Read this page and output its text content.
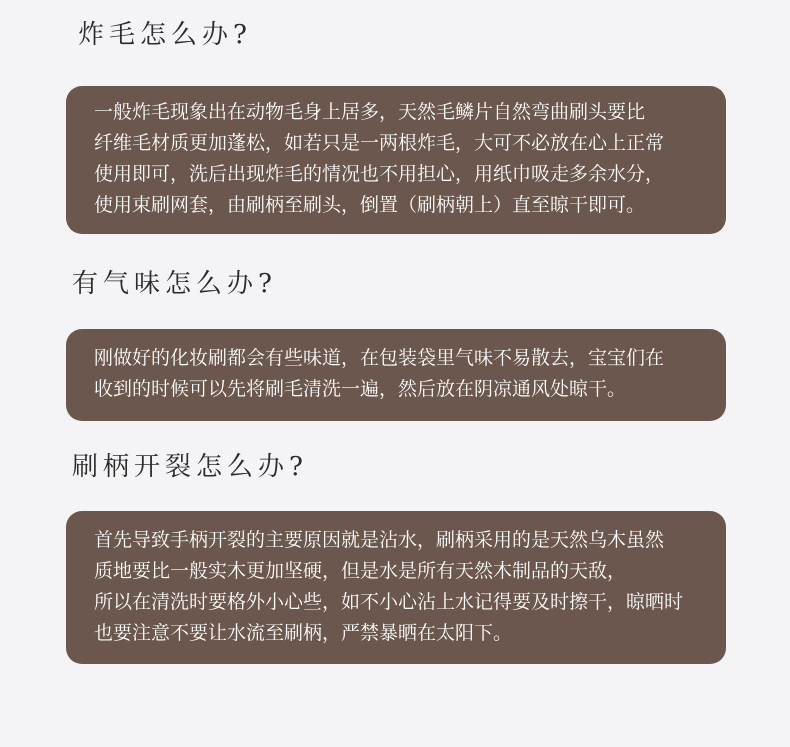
炸毛怎么办?
一般炸毛现象出在动物毛身上居多，天然毛鳞片自然弯曲刷头要比
纤维毛材质更加蓬松，如若只是一两根炸毛，大可不必放在心上正常
使用即可，洗后出现炸毛的情况也不用担心，用纸巾吸走多余水分，
使用束刷网套，由刷柄至刷头，倒置（刷柄朝上）直至晾干即可。
有气味怎么办?
刚做好的化妆刷都会有些味道，在包装袋里气味不易散去，宝宝们在
收到的时候可以先将刷毛清洗一遍，然后放在阴凉通风处晾干。
刷柄开裂怎么办?
首先导致手柄开裂的主要原因就是沾水，刷柄采用的是天然乌木虽然
质地要比一般实木更加坚硬，但是水是所有天然木制品的天敌，
所以在清洗时要格外小心些，如不小心沾上水记得要及时擦干，晾晒时
也要注意不要让水流至刷柄，严禁暴晒在太阳下。
